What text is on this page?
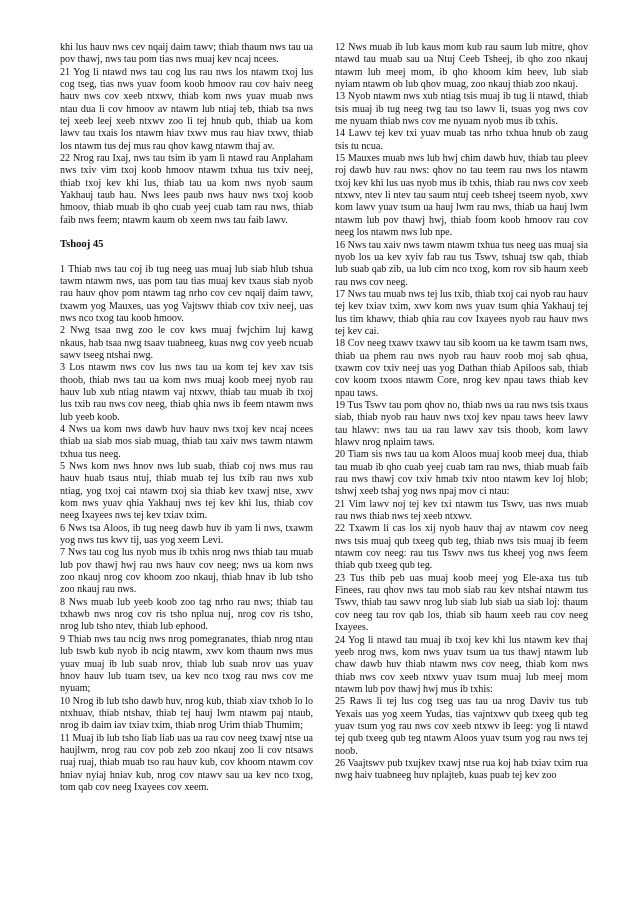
khi lus hauv nws cev nqaij daim tawv; thiab thaum nws tau ua pov thawj, nws tau pom tias nws muaj kev ncaj ncees.

21 Yog li ntawd nws tau cog lus rau nws los ntawm txoj lus cog tseg, tias nws yuav foom koob hmoov rau cov haiv neeg hauv nws cov xeeb ntxwv, thiab kom nws yuav muab nws ntau dua li cov hmoov av ntawm lub ntiaj teb, thiab tsa nws tej xeeb leej xeeb ntxwv zoo li tej hnub qub, thiab ua kom lawv tau txais los ntawm hiav txwv mus rau hiav txwv, thiab los ntawm tus dej mus rau qhov kawg ntawm thaj av.

22 Nrog rau Ixaj, nws tau tsim ib yam li ntawd rau Anplaham nws txiv vim txoj koob hmoov ntawm txhua tus txiv neej, thiab txoj kev khi lus, thiab tau ua kom nws nyob saum Yakhauj taub hau. Nws lees paub nws hauv nws txoj koob hmoov, thiab muab ib qho cuab yeej cuab tam rau nws, thiab faib nws feem; ntawm kaum ob xeem nws tau faib lawv.

Tshooj 45

1 Thiab nws tau coj ib tug neeg uas muaj lub siab hlub tshua tawm ntawm nws, uas pom tau tias muaj kev txaus siab nyob rau hauv qhov pom ntawm tag nrho cov cev nqaij daim tawv, txawm yog Mauxes, uas yog Vajtswv thiab cov txiv neej, uas nws nco txog tau koob hmoov.

2 Nwg tsaa nwg zoo le cov kws muaj fwjchim luj kawg nkaus, hab tsaa nwg tsaav tuabneeg, kuas nwg cov yeeb ncuab sawv tseeg ntshai nwg.

3 Los ntawm nws cov lus nws tau ua kom tej kev xav tsis thoob, thiab nws tau ua kom nws muaj koob meej nyob rau hauv lub xub ntiag ntawm vaj ntxwv, thiab tau muab ib txoj lus txib rau nws cov neeg, thiab qhia nws ib feem ntawm nws lub yeeb koob.

4 Nws ua kom nws dawb huv hauv nws txoj kev ncaj ncees thiab ua siab mos siab muag, thiab tau xaiv nws tawm ntawm txhua tus neeg.

5 Nws kom nws hnov nws lub suab, thiab coj nws mus rau hauv huab tsaus ntuj, thiab muab tej lus txib rau nws xub ntiag, yog txoj cai ntawm txoj sia thiab kev txawj ntse, xwv kom nws yuav qhia Yakhauj nws tej kev khi lus, thiab cov neeg Ixayees nws tej kev txiav txim.

6 Nws tsa Aloos, ib tug neeg dawb huv ib yam li nws, txawm yog nws tus kwv tij, uas yog xeem Levi.

7 Nws tau cog lus nyob mus ib txhis nrog nws thiab tau muab lub pov thawj hwj rau nws hauv cov neeg; nws ua kom nws zoo nkauj nrog cov khoom zoo nkauj, thiab hnav ib lub tsho zoo nkauj rau nws.

8 Nws muab lub yeeb koob zoo tag nrho rau nws; thiab tau txhawb nws nrog cov ris tsho nplua nuj, nrog cov ris tsho, nrog lub tsho ntev, thiab lub ephood.

9 Thiab nws tau ncig nws nrog pomegranates, thiab nrog ntau lub tswb kub nyob ib ncig ntawm, xwv kom thaum nws mus yuav muaj ib lub suab nrov, thiab lub suab nrov uas yuav hnov hauv lub tuam tsev, ua kev nco txog rau nws cov me nyuam;

10 Nrog ib lub tsho dawb huv, nrog kub, thiab xiav txhob lo lo ntxhuav, thiab ntshav, thiab tej hauj lwm ntawm paj ntaub, nrog ib daim iav txiav txim, thiab nrog Urim thiab Thumim;

11 Muaj ib lub tsho liab liab uas ua rau cov neeg txawj ntse ua haujlwm, nrog rau cov pob zeb zoo nkauj zoo li cov ntsaws ruaj ruaj, thiab muab tso rau hauv kub, cov khoom ntawm cov hniav nyiaj hniav kub, nrog cov ntawv sau ua kev nco txog, tom qab cov neeg Ixayees cov xeem.

12 Nws muab ib lub kaus mom kub rau saum lub mitre, qhov ntawd tau muab sau ua Ntuj Ceeb Tsheej, ib qho zoo nkauj ntawm lub meej mom, ib qho khoom kim heev, lub siab nyiam ntawm ob lub qhov muag, zoo nkauj thiab zoo nkauj.

13 Nyob ntawm nws xub ntiag tsis muaj ib tug li ntawd, thiab tsis muaj ib tug neeg twg tau tso lawv li, tsuas yog nws cov me nyuam thiab nws cov me nyuam nyob mus ib txhis.

14 Lawv tej kev txi yuav muab tas nrho txhua hnub ob zaug tsis tu ncua.

15 Mauxes muab nws lub hwj chim dawb huv, thiab tau pleev roj dawb huv rau nws: qhov no tau teem rau nws los ntawm txoj kev khi lus uas nyob mus ib txhis, thiab rau nws cov xeeb ntxwv, ntev li ntev tau saum ntuj ceeb tsheej tseem nyob, xwv kom lawv yuav tsum ua hauj lwm rau nws, thiab ua hauj lwm ntawm lub pov thawj hwj, thiab foom koob hmoov rau cov neeg los ntawm nws lub npe.

16 Nws tau xaiv nws tawm ntawm txhua tus neeg uas muaj sia nyob los ua kev xyiv fab rau tus Tswv, tshuaj tsw qab, thiab lub suab qab zib, ua lub cim nco txog, kom rov sib haum xeeb rau nws cov neeg.

17 Nws tau muab nws tej lus txib, thiab txoj cai nyob rau hauv tej kev txiav txim, xwv kom nws yuav tsum qhia Yakhauj tej lus tim khawv, thiab qhia rau cov Ixayees nyob rau hauv nws tej kev cai.

18 Cov neeg txawv txawv tau sib koom ua ke tawm tsam nws, thiab ua phem rau nws nyob rau hauv roob moj sab qhua, txawm cov txiv neej uas yog Dathan thiab Apiloos sab, thiab cov koom txoos ntawm Core, nrog kev npau taws thiab kev npau taws.

19 Tus Tswv tau pom qhov no, thiab nws ua rau nws tsis txaus siab, thiab nyob rau hauv nws txoj kev npau taws heev lawv tau hlawv: nws tau ua rau lawv xav tsis thoob, kom lawv hlawv nrog nplaim taws.

20 Tiam sis nws tau ua kom Aloos muaj koob meej dua, thiab tau muab ib qho cuab yeej cuab tam rau nws, thiab muab faib rau nws thawj cov txiv hmab txiv ntoo ntawm kev loj hlob; tshwj xeeb tshaj yog nws npaj mov ci ntau:

21 Vim lawv noj tej kev txi ntawm tus Tswv, uas nws muab rau nws thiab nws tej xeeb ntxwv.

22 Txawm li cas los xij nyob hauv thaj av ntawm cov neeg nws tsis muaj qub txeeg qub teg, thiab nws tsis muaj ib feem ntawm cov neeg: rau tus Tswv nws tus kheej yog nws feem thiab qub txeeg qub teg.

23 Tus thib peb uas muaj koob meej yog Ele-axa tus tub Finees, rau qhov nws tau mob siab rau kev ntshai ntawm tus Tswv, thiab tau sawv nrog lub siab lub siab ua siab loj: thaum cov neeg tau rov qab los, thiab sib haum xeeb rau cov neeg Ixayees.

24 Yog li ntawd tau muaj ib txoj kev khi lus ntawm kev thaj yeeb nrog nws, kom nws yuav tsum ua tus thawj ntawm lub chaw dawb huv thiab ntawm nws cov neeg, thiab kom nws thiab nws cov xeeb ntxwv yuav tsum muaj lub meej mom ntawm lub pov thawj hwj mus ib txhis:

25 Raws li tej lus cog tseg uas tau ua nrog Daviv tus tub Yexais uas yog xeem Yudas, tias vajntxwv qub txeeg qub teg yuav tsum yog rau nws cov xeeb ntxwv ib leeg: yog li ntawd tej qub txeeg qub teg ntawm Aloos yuav tsum yog rau nws tej noob.

26 Vaajtswv pub txujkev txawj ntse rua koj hab txiav txim rua nwg haiv tuabneeg huv nplajteb, kuas puab tej kev zoo
